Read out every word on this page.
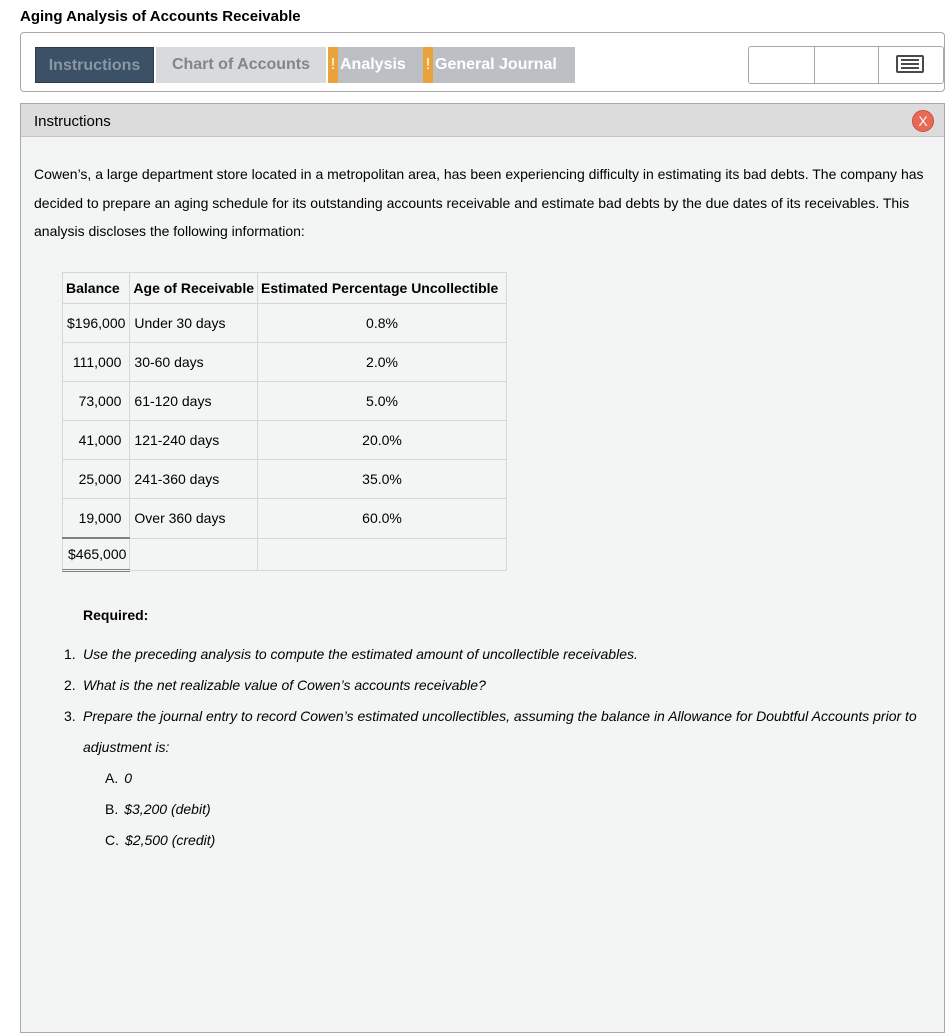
Aging Analysis of Accounts Receivable
Instructions	Chart of Accounts	! Analysis	! General Journal
Instructions	X
Cowen’s, a large department store located in a metropolitan area, has been experiencing difficulty in estimating its bad debts. The company has decided to prepare an aging schedule for its outstanding accounts receivable and estimate bad debts by the due dates of its receivables. This analysis discloses the following information:
Balance	Age of Receivable	Estimated Percentage Uncollectible
$196,000	Under 30 days	0.8%
111,000	30-60 days	2.0%
73,000	61-120 days	5.0%
41,000	121-240 days	20.0%
25,000	241-360 days	35.0%
19,000	Over 360 days	60.0%
$465,000		
Required:
1. Use the preceding analysis to compute the estimated amount of uncollectible receivables.
2. What is the net realizable value of Cowen’s accounts receivable?
3. Prepare the journal entry to record Cowen’s estimated uncollectibles, assuming the balance in Allowance for Doubtful Accounts prior to adjustment is:
A. 0
B. $3,200 (debit)
C. $2,500 (credit)
